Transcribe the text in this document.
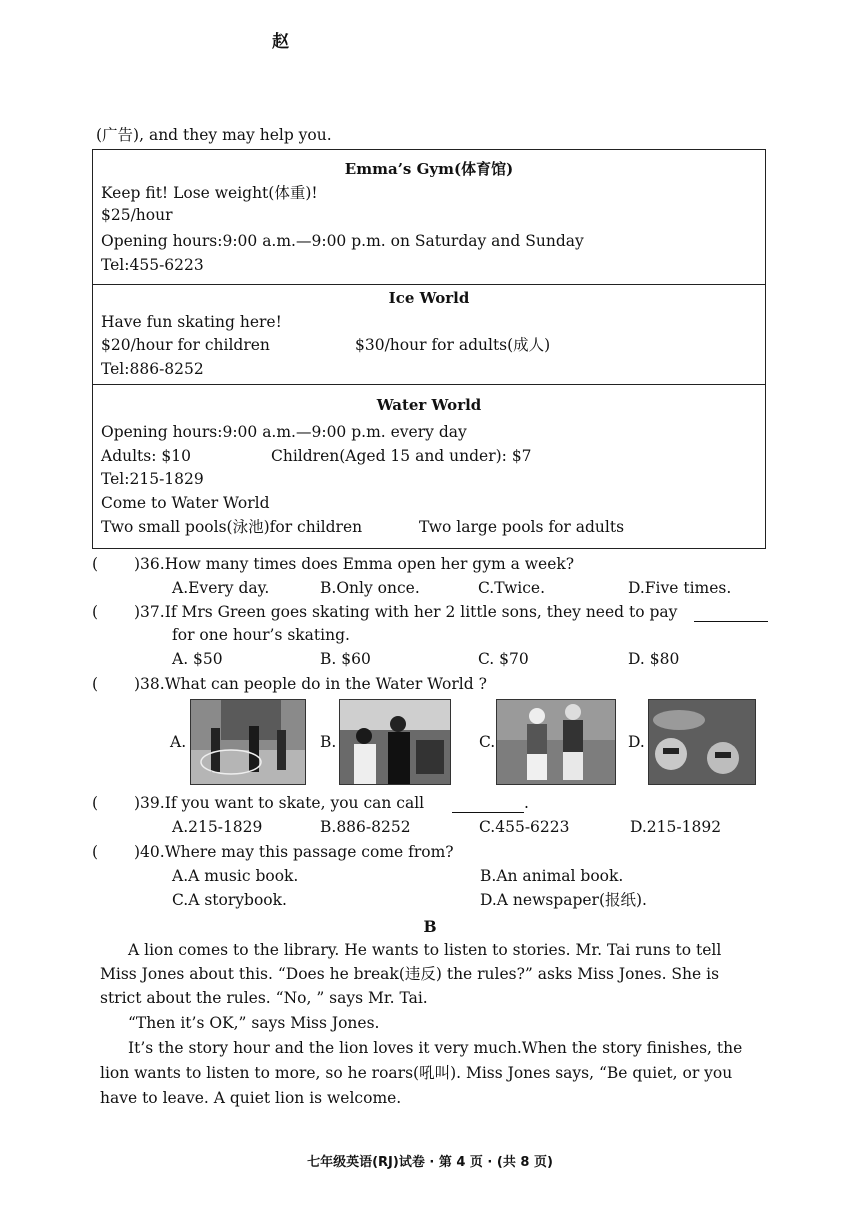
赵
(广告), and they may help you.
Emma’s Gym(体育馆)
Keep fit! Lose weight(体重)!
$25/hour
Opening hours:9:00 a.m.—9:00 p.m. on Saturday and Sunday
Tel:455-6223
Ice World
Have fun skating here!
$20/hour for children	$30/hour for adults(成人)
Tel:886-8252
Water World
Opening hours:9:00 a.m.—9:00 p.m. every day
Adults: $10	Children(Aged 15 and under): $7
Tel:215-1829
Come to Water World
Two small pools(泳池)for children	Two large pools for adults
( )36.How many times does Emma open her gym a week?
A.Every day.	B.Only once.	C.Twice.	D.Five times.
( )37.If Mrs Green goes skating with her 2 little sons, they need to pay
for one hour’s skating.
A. $50	B. $60	C. $70	D. $80
( )38.What can people do in the Water World ?
A.	B.	C.	D.
( )39.If you want to skate, you can call	.
A.215-1829	B.886-8252	C.455-6223	D.215-1892
( )40.Where may this passage come from?
A.A music book.	B.An animal book.
C.A storybook.	D.A newspaper(报纸).
B
A lion comes to the library. He wants to listen to stories. Mr. Tai runs to tell
Miss Jones about this. “Does he break(违反) the rules?” asks Miss Jones. She is
strict about the rules. “No, ” says Mr. Tai.
“Then it’s OK,” says Miss Jones.
It’s the story hour and the lion loves it very much.When the story finishes, the
lion wants to listen to more, so he roars(吼叫). Miss Jones says, “Be quiet, or you
have to leave. A quiet lion is welcome.
七年级英语(RJ)试卷 · 第 4 页 · (共 8 页)
